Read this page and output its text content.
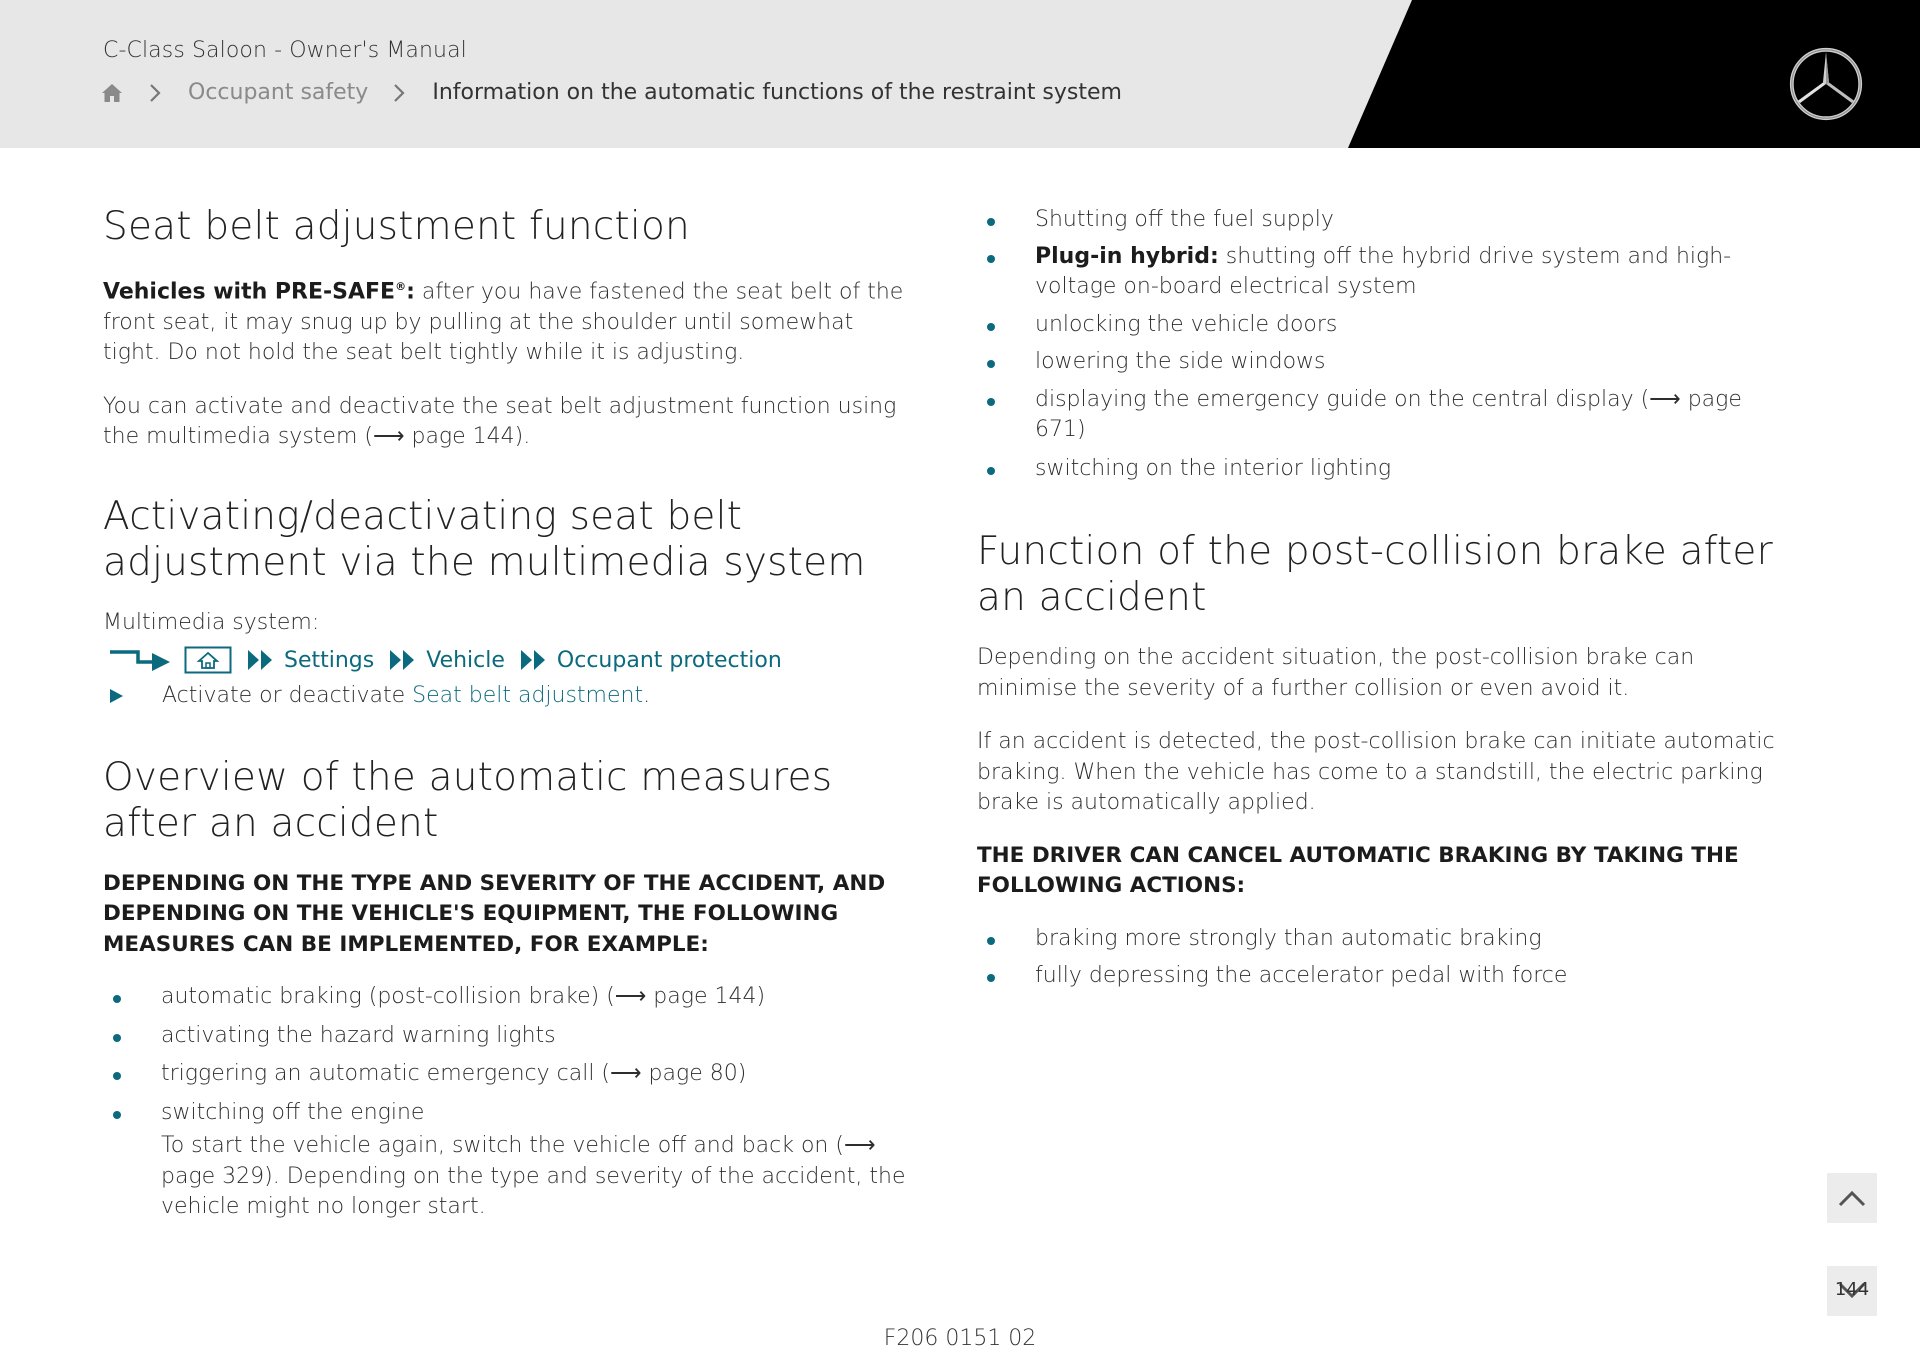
C-Class Saloon - Owner's Manual
Occupant safety	Information on the automatic functions of the restraint system
Seat belt adjustment function

Vehicles with PRE-SAFE®: after you have fastened the seat belt of the front seat, it may snug up by pulling at the shoulder until somewhat tight. Do not hold the seat belt tightly while it is adjusting.

You can activate and deactivate the seat belt adjustment function using the multimedia system (⟶ page 144).

Activating/deactivating seat belt adjustment via the multimedia system

Multimedia system:

Settings Vehicle Occupant protection
Activate or deactivate Seat belt adjustment.
Overview of the automatic measures after an accident

DEPENDING ON THE TYPE AND SEVERITY OF THE ACCIDENT, AND DEPENDING ON THE VEHICLE'S EQUIPMENT, THE FOLLOWING MEASURES CAN BE IMPLEMENTED, FOR EXAMPLE:

automatic braking (post-collision brake) (⟶ page 144)
activating the hazard warning lights
triggering an automatic emergency call (⟶ page 80)
switching off the engine

To start the vehicle again, switch the vehicle off and back on (⟶ page 329). Depending on the type and severity of the accident, the vehicle might no longer start.

Shutting off the fuel supply
Plug-in hybrid: shutting off the hybrid drive system and high-voltage on-board electrical system
unlocking the vehicle doors
lowering the side windows
displaying the emergency guide on the central display (⟶ page 671)
switching on the interior lighting
Function of the post-collision brake after an accident

Depending on the accident situation, the post-collision brake can minimise the severity of a further collision or even avoid it.

If an accident is detected, the post-collision brake can initiate automatic braking. When the vehicle has come to a standstill, the electric parking brake is automatically applied.

THE DRIVER CAN CANCEL AUTOMATIC BRAKING BY TAKING THE FOLLOWING ACTIONS:

braking more strongly than automatic braking
fully depressing the accelerator pedal with force
144
F206 0151 02
